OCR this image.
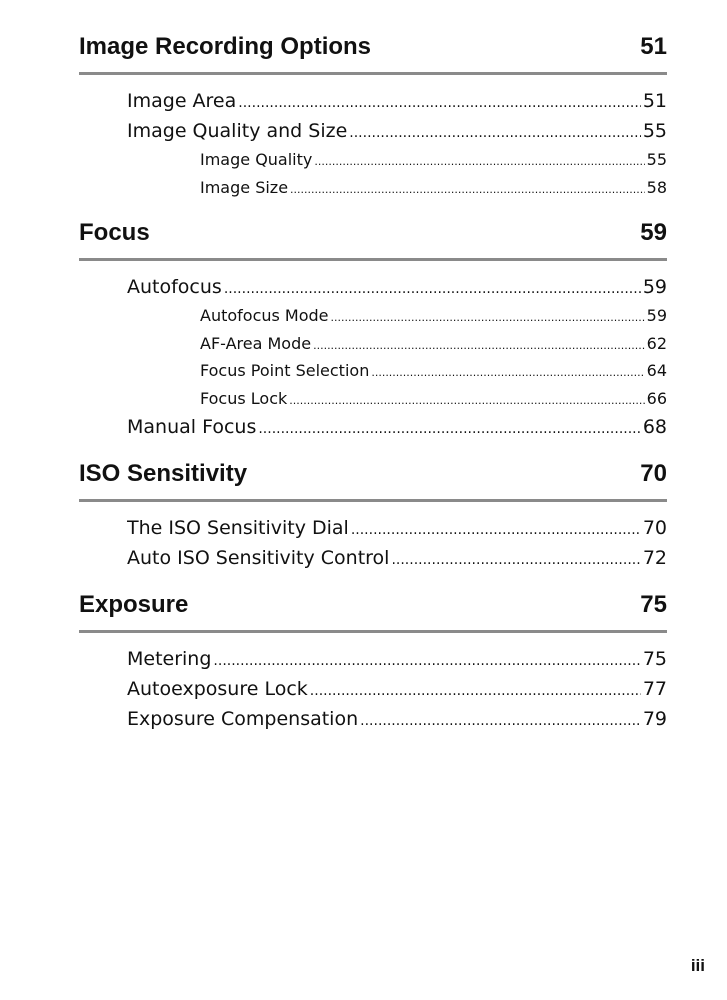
Image Recording Options	51
Image Area .....	51
Image Quality and Size .....	55
Image Quality .....	55
Image Size .....	58
Focus	59
Autofocus .....	59
Autofocus Mode .....	59
AF-Area Mode .....	62
Focus Point Selection .....	64
Focus Lock .....	66
Manual Focus .....	68
ISO Sensitivity	70
The ISO Sensitivity Dial .....	70
Auto ISO Sensitivity Control .....	72
Exposure	75
Metering .....	75
Autoexposure Lock .....	77
Exposure Compensation .....	79
iii
